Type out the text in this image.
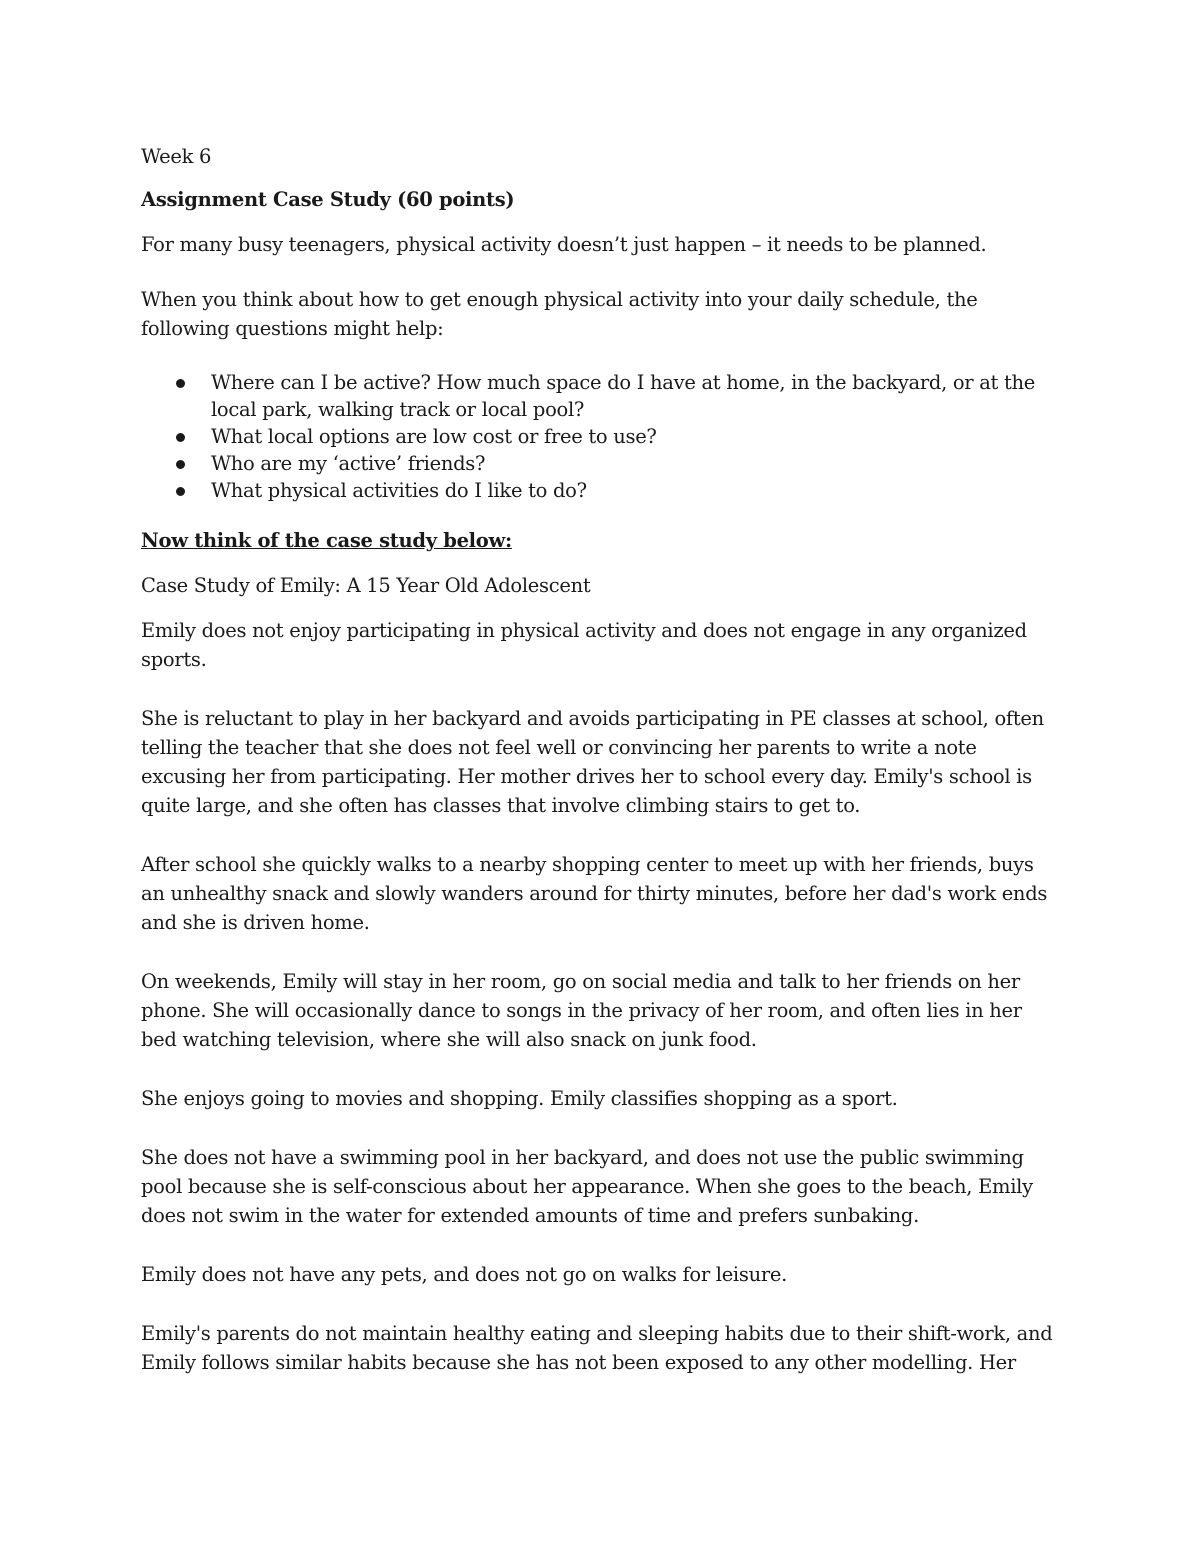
Week 6

Assignment Case Study (60 points)

For many busy teenagers, physical activity doesn’t just happen – it needs to be planned.

When you think about how to get enough physical activity into your daily schedule, the following questions might help:

Where can I be active? How much space do I have at home, in the backyard, or at the local park, walking track or local pool?
What local options are low cost or free to use?
Who are my ‘active’ friends?
What physical activities do I like to do?

Now think of the case study below:

Case Study of Emily: A 15 Year Old Adolescent

Emily does not enjoy participating in physical activity and does not engage in any organized sports.

She is reluctant to play in her backyard and avoids participating in PE classes at school, often telling the teacher that she does not feel well or convincing her parents to write a note excusing her from participating. Her mother drives her to school every day. Emily's school is quite large, and she often has classes that involve climbing stairs to get to.

After school she quickly walks to a nearby shopping center to meet up with her friends, buys an unhealthy snack and slowly wanders around for thirty minutes, before her dad's work ends and she is driven home.

On weekends, Emily will stay in her room, go on social media and talk to her friends on her phone. She will occasionally dance to songs in the privacy of her room, and often lies in her bed watching television, where she will also snack on junk food.

She enjoys going to movies and shopping. Emily classifies shopping as a sport.

She does not have a swimming pool in her backyard, and does not use the public swimming pool because she is self-conscious about her appearance. When she goes to the beach, Emily does not swim in the water for extended amounts of time and prefers sunbaking.

Emily does not have any pets, and does not go on walks for leisure.

Emily's parents do not maintain healthy eating and sleeping habits due to their shift-work, and Emily follows similar habits because she has not been exposed to any other modelling. Her
